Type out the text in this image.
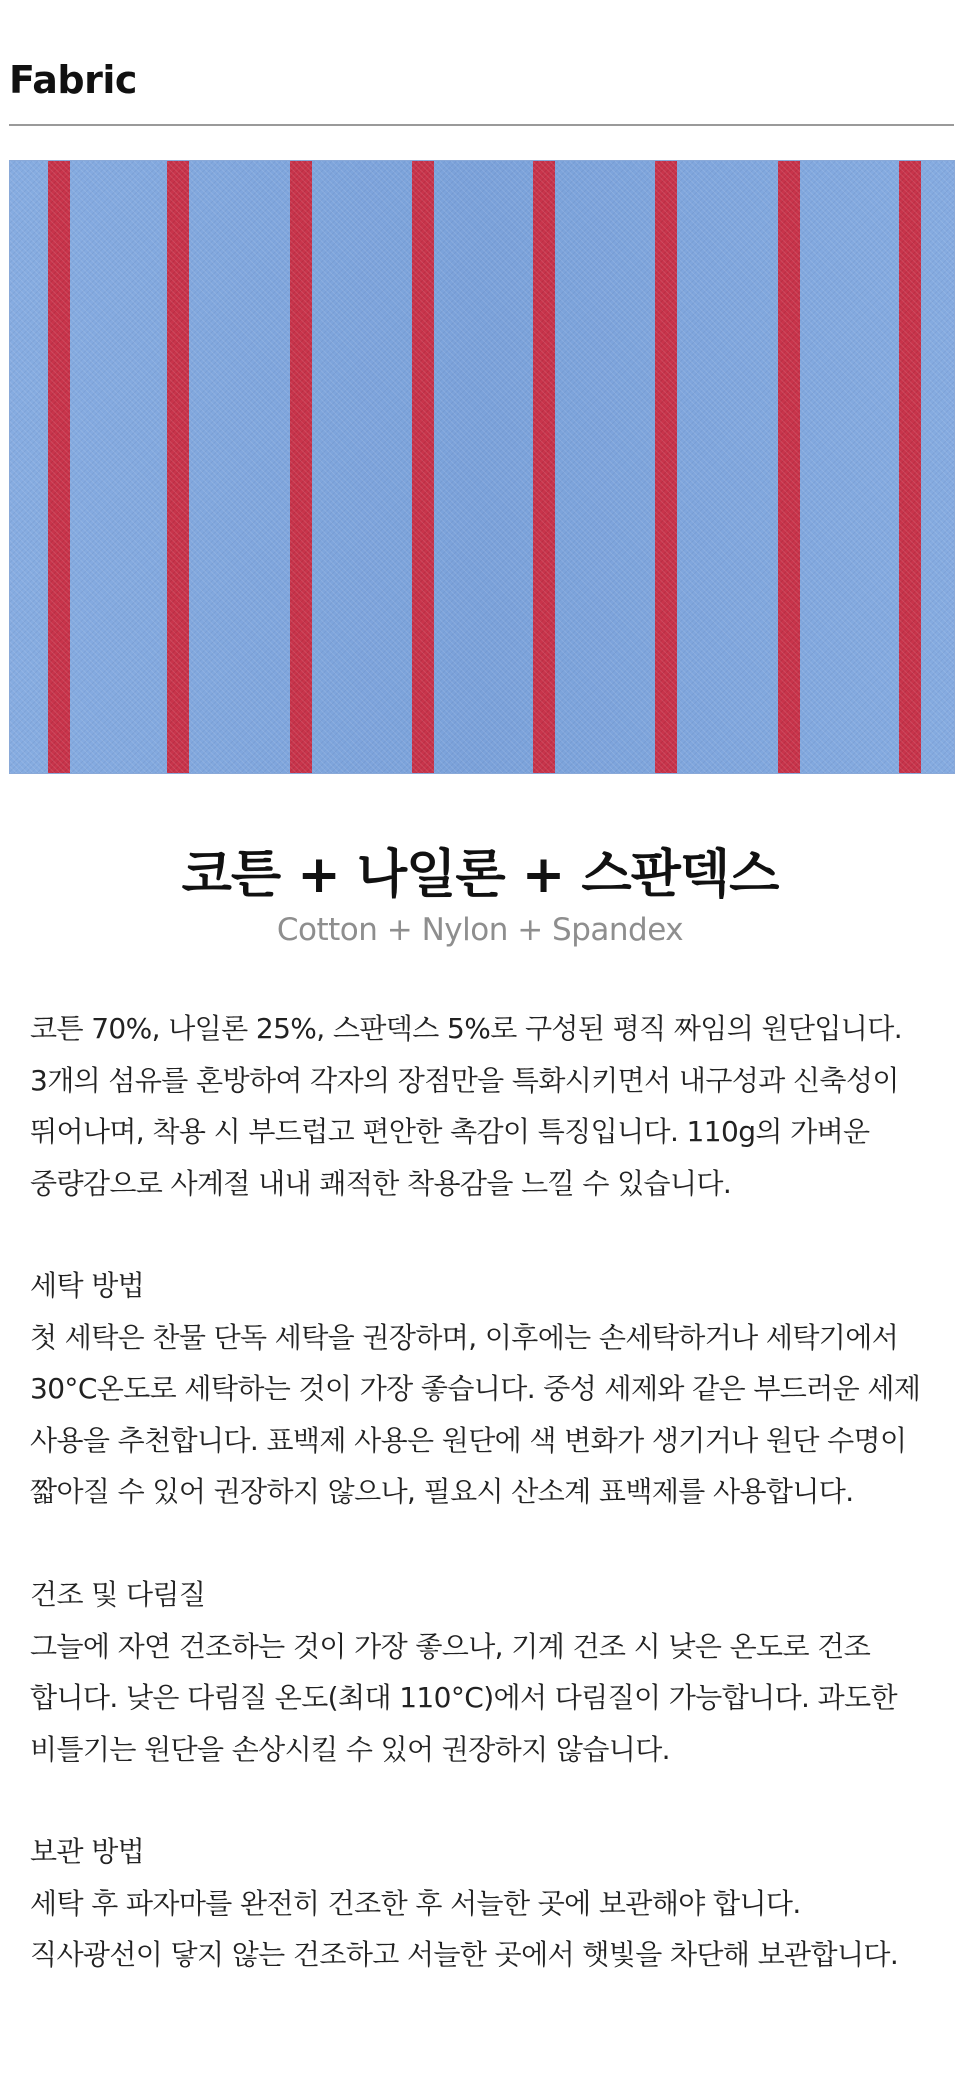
Fabric
코튼 + 나일론 + 스판덱스
Cotton + Nylon + Spandex

코튼 70%, 나일론 25%, 스판덱스 5%로 구성된 평직 짜임의 원단입니다.

3개의 섬유를 혼방하여 각자의 장점만을 특화시키면서 내구성과 신축성이

뛰어나며, 착용 시 부드럽고 편안한 촉감이 특징입니다. 110g의 가벼운

중량감으로 사계절 내내 쾌적한 착용감을 느낄 수 있습니다.

세탁 방법

첫 세탁은 찬물 단독 세탁을 권장하며, 이후에는 손세탁하거나 세탁기에서

30°C온도로 세탁하는 것이 가장 좋습니다. 중성 세제와 같은 부드러운 세제

사용을 추천합니다. 표백제 사용은 원단에 색 변화가 생기거나 원단 수명이

짧아질 수 있어 권장하지 않으나, 필요시 산소계 표백제를 사용합니다.

건조 및 다림질

그늘에 자연 건조하는 것이 가장 좋으나, 기계 건조 시 낮은 온도로 건조

합니다. 낮은 다림질 온도(최대 110°C)에서 다림질이 가능합니다. 과도한

비틀기는 원단을 손상시킬 수 있어 권장하지 않습니다.

보관 방법

세탁 후 파자마를 완전히 건조한 후 서늘한 곳에 보관해야 합니다.

직사광선이 닿지 않는 건조하고 서늘한 곳에서 햇빛을 차단해 보관합니다.
